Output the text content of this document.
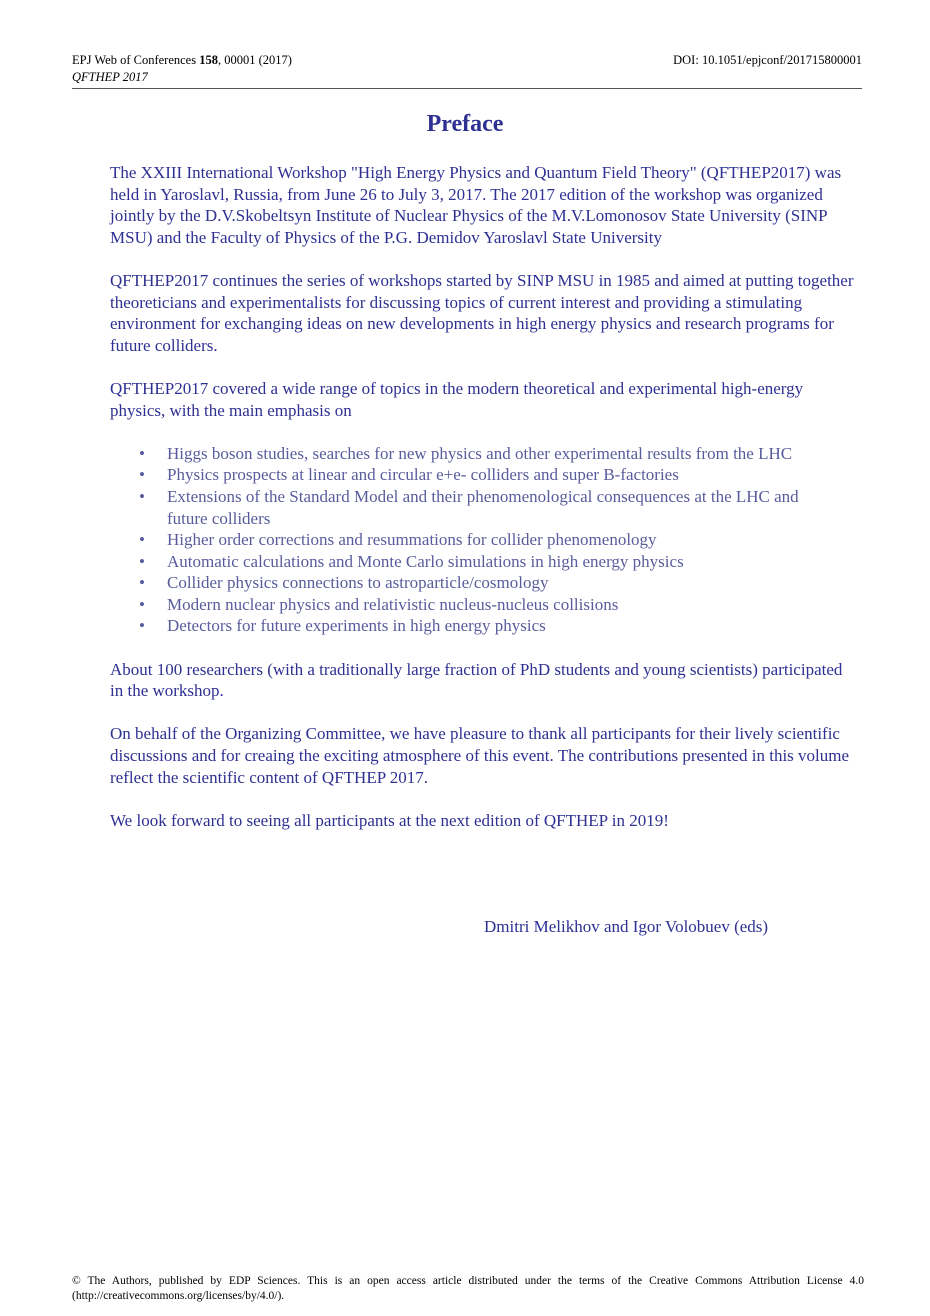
EPJ Web of Conferences 158, 00001 (2017)	DOI: 10.1051/epjconf/201715800001
QFTHEP 2017
Preface

The XXIII International Workshop "High Energy Physics and Quantum Field Theory" (QFTHEP2017) was held in Yaroslavl, Russia, from June 26 to July 3, 2017. The 2017 edition of the workshop was organized jointly by the D.V.Skobeltsyn Institute of Nuclear Physics of the M.V.Lomonosov State University (SINP MSU) and the Faculty of Physics of the P.G. Demidov Yaroslavl State University

QFTHEP2017 continues the series of workshops started by SINP MSU in 1985 and aimed at putting together theoreticians and experimentalists for discussing topics of current interest and providing a stimulating environment for exchanging ideas on new developments in high energy physics and research programs for future colliders.

QFTHEP2017 covered a wide range of topics in the modern theoretical and experimental high-energy physics, with the main emphasis on

• Higgs boson studies, searches for new physics and other experimental results from the LHC
• Physics prospects at linear and circular e+e- colliders and super B-factories
• Extensions of the Standard Model and their phenomenological consequences at the LHC and future colliders
• Higher order corrections and resummations for collider phenomenology
• Automatic calculations and Monte Carlo simulations in high energy physics
• Collider physics connections to astroparticle/cosmology
• Modern nuclear physics and relativistic nucleus-nucleus collisions
• Detectors for future experiments in high energy physics

About 100 researchers (with a traditionally large fraction of PhD students and young scientists) participated in the workshop.

On behalf of the Organizing Committee, we have pleasure to thank all participants for their lively scientific discussions and for creaing the exciting atmosphere of this event. The contributions presented in this volume reflect the scientific content of QFTHEP 2017.

We look forward to seeing all participants at the next edition of QFTHEP in 2019!

Dmitri Melikhov and Igor Volobuev (eds)
© The Authors, published by EDP Sciences. This is an open access article distributed under the terms of the Creative Commons Attribution License 4.0 (http://creativecommons.org/licenses/by/4.0/).
